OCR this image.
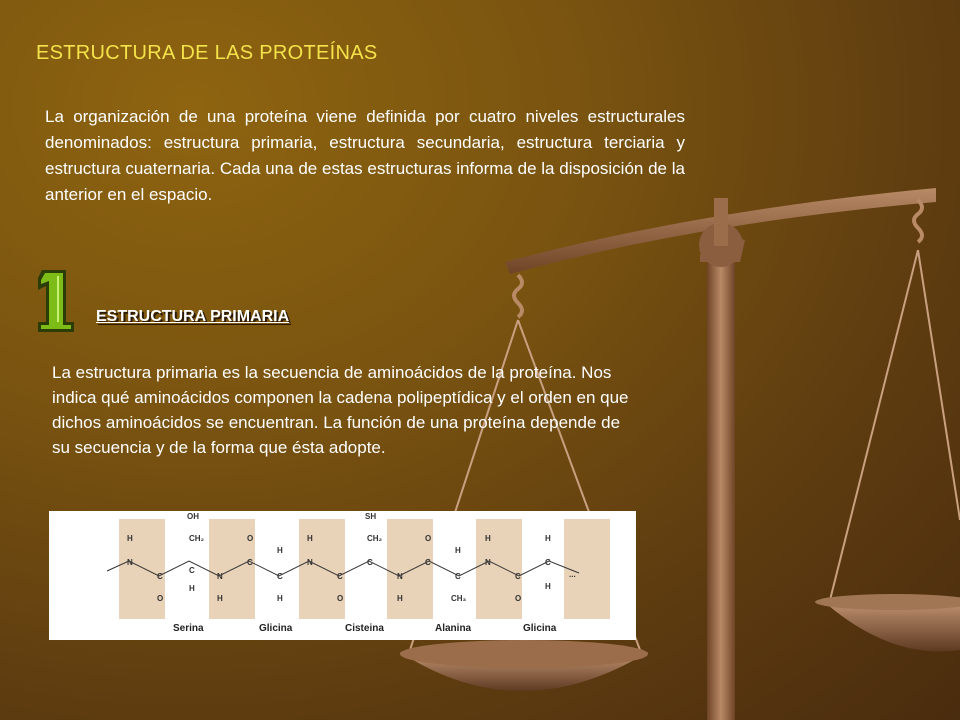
ESTRUCTURA DE LAS PROTEÍNAS
La organización de una proteína viene definida por cuatro niveles estructurales denominados: estructura primaria, estructura secundaria, estructura terciaria y estructura cuaternaria. Cada una de estas estructuras informa de la disposición de la anterior en el espacio.
1
ESTRUCTURA PRIMARIA
La estructura primaria es la secuencia de aminoácidos de la proteína. Nos indica qué aminoácidos componen la cadena polipeptídica y el orden en que dichos aminoácidos se encuentran. La función de una proteína depende de su secuencia y de la forma que ésta adopte.
H
N
C
O
CH₂
C
H
N
H
O
C
H
C
H
H
N
C
O
CH₂
C
N
H
O
C
H
C
CH₃
H
N
C
O
H
C
H
OH	SH
...
Serina	Glicina	Cisteina	Alanina	Glicina
